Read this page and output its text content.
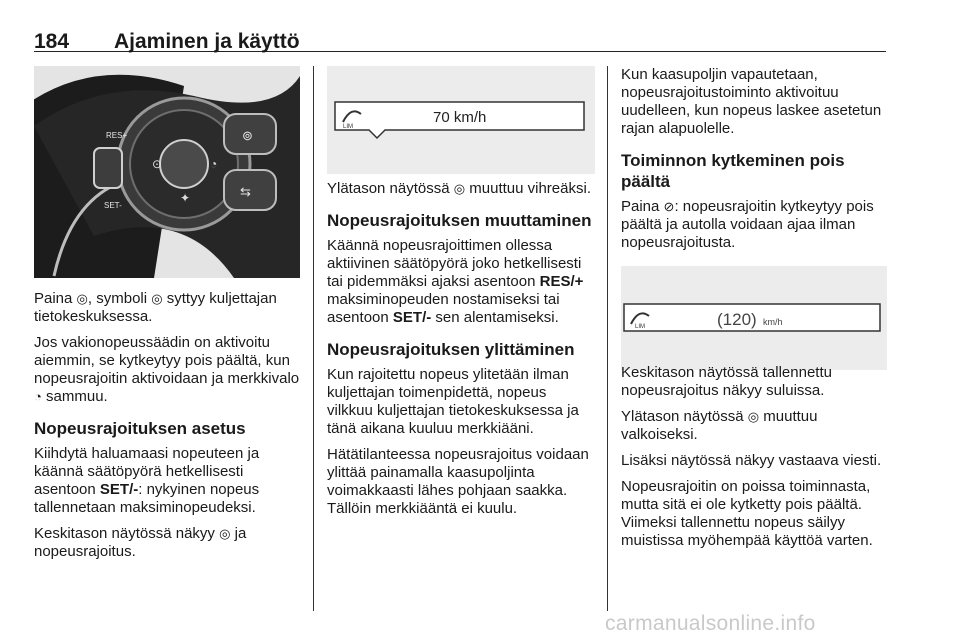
184 Ajaminen ja käyttö
⊙	◔
✦
RES+
SET-
⊚
⇆
LIM
70 km/h
LIM	(120) km/h

Paina ◎, symboli ◎ syttyy kuljettajan tietokeskuksessa.

Jos vakionopeussäädin on aktivoitu aiemmin, se kytkeytyy pois päältä, kun nopeusrajoitin aktivoidaan ja merkkivalo ◔ sammuu.

Nopeusrajoituksen asetus

Kiihdytä haluamaasi nopeuteen ja käännä säätöpyörä hetkellisesti asentoon SET/-: nykyinen nopeus tallennetaan maksiminopeudeksi.

Keskitason näytössä näkyy ◎ ja nopeusrajoitus.

Ylätason näytössä ◎ muuttuu vihreäksi.

Nopeusrajoituksen muuttaminen

Käännä nopeusrajoittimen ollessa aktiivinen säätöpyörä joko hetkellisesti tai pidemmäksi ajaksi asentoon RES/+ maksiminopeuden nostamiseksi tai asentoon SET/- sen alentamiseksi.

Nopeusrajoituksen ylittäminen

Kun rajoitettu nopeus ylitetään ilman kuljettajan toimenpidettä, nopeus vilkkuu kuljettajan tietokeskuksessa ja tänä aikana kuuluu merkkiääni.

Hätätilanteessa nopeusrajoitus voidaan ylittää painamalla kaasupoljinta voimakkaasti lähes pohjaan saakka. Tällöin merkkiääntä ei kuulu.

Kun kaasupoljin vapautetaan, nopeusrajoitustoiminto aktivoituu uudelleen, kun nopeus laskee asetetun rajan alapuolelle.

Toiminnon kytkeminen pois päältä

Paina ⊘: nopeusrajoitin kytkeytyy pois päältä ja autolla voidaan ajaa ilman nopeusrajoitusta.

Keskitason näytössä tallennettu nopeusrajoitus näkyy suluissa.

Ylätason näytössä ◎ muuttuu valkoiseksi.

Lisäksi näytössä näkyy vastaava viesti.

Nopeusrajoitin on poissa toiminnasta, mutta sitä ei ole kytketty pois päältä. Viimeksi tallennettu nopeus säilyy muistissa myöhempää käyttöä varten.

carmanualsonline.info
